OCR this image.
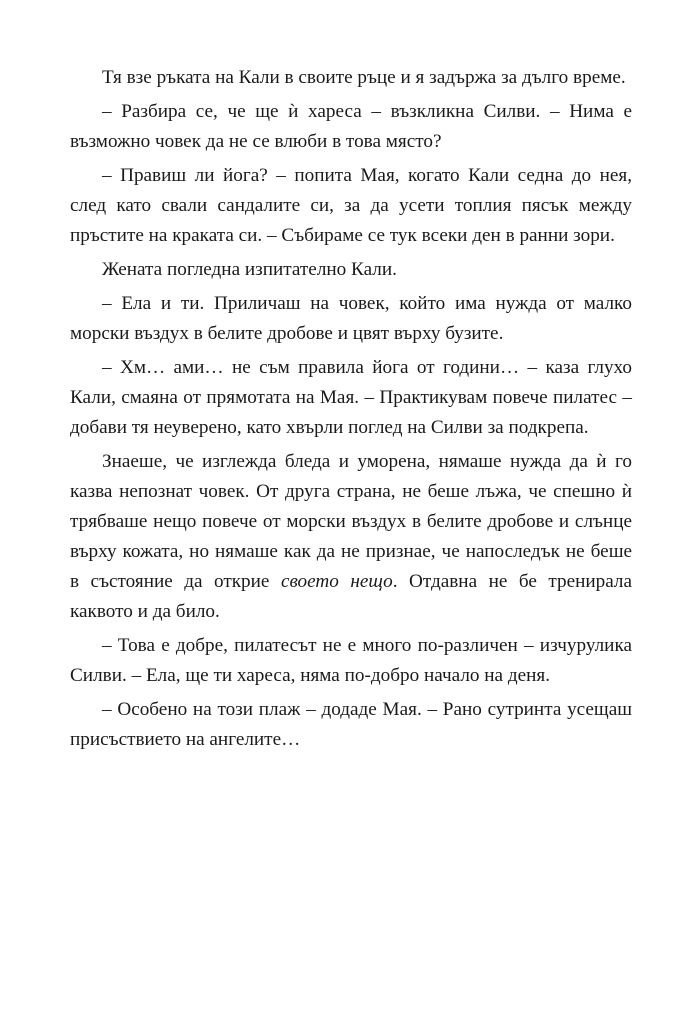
Тя взе ръката на Кали в своите ръце и я задържа за дълго време.

– Разбира се, че ще ѝ хареса – възкликна Силви. – Нима е възможно човек да не се влюби в това място?

– Правиш ли йога? – попита Мая, когато Кали седна до нея, след като свали сандалите си, за да усети топлия пясък между пръстите на краката си. – Събираме се тук всеки ден в ранни зори.

Жената погледна изпитателно Кали.

– Ела и ти. Приличаш на човек, който има нужда от малко морски въздух в белите дробове и цвят върху бузите.

– Хм… ами… не съм правила йога от години… – каза глухо Кали, смаяна от прямотата на Мая. – Практикувам повече пилатес – добави тя неуверено, като хвърли поглед на Силви за подкрепа.

Знаеше, че изглежда бледа и уморена, нямаше нужда да ѝ го казва непознат човек. От друга страна, не беше лъжа, че спешно ѝ трябваше нещо повече от морски въздух в белите дробове и слънце върху кожата, но нямаше как да не признае, че напоследък не беше в състояние да открие своето нещо. Отдавна не бе тренирала каквото и да било.

– Това е добре, пилатесът не е много по-различен – изчурулика Силви. – Ела, ще ти хареса, няма по-добро начало на деня.

– Особено на този плаж – додаде Мая. – Рано сутринта усещаш присъствието на ангелите…
